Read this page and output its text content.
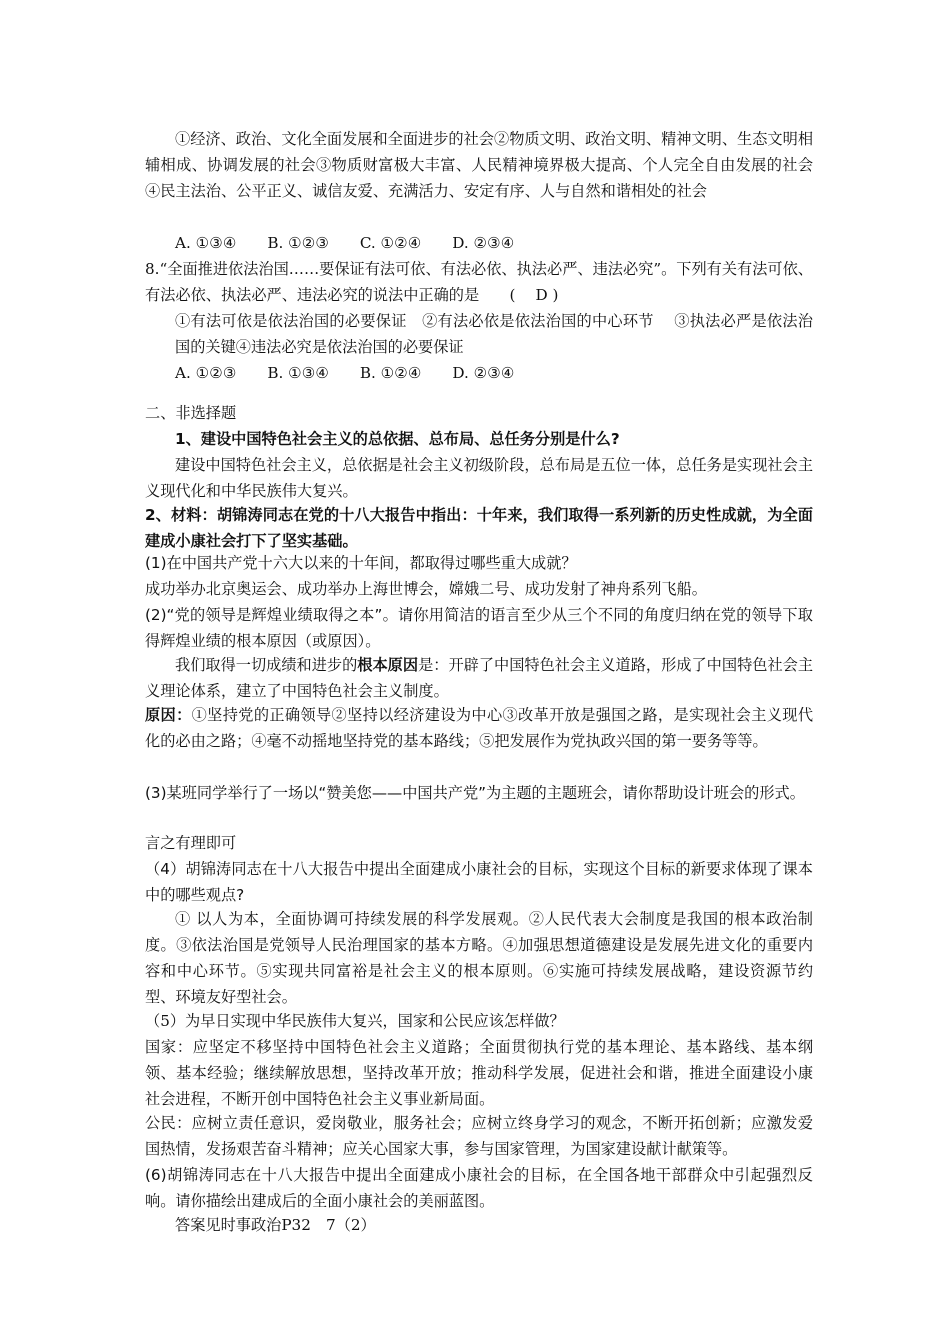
①经济、政治、文化全面发展和全面进步的社会②物质文明、政治文明、精神文明、生态文明相辅相成、协调发展的社会③物质财富极大丰富、人民精神境界极大提高、个人完全自由发展的社会④民主法治、公平正义、诚信友爱、充满活力、安定有序、人与自然和谐相处的社会

A. ①③④ B. ①②③ C. ①②④ D. ②③④

8.“全面推进依法治国……要保证有法可依、有法必依、执法必严、违法必究”。下列有关有法可依、有法必依、执法必严、违法必究的说法中正确的是　　(　 D )

①有法可依是依法治国的必要保证　②有法必依是依法治国的中心环节　 ③执法必严是依法治国的关键④违法必究是依法治国的必要保证

A. ①②③ B. ①③④ B. ①②④ D. ②③④

二、非选择题

1、建设中国特色社会主义的总依据、总布局、总任务分别是什么?

建设中国特色社会主义，总依据是社会主义初级阶段，总布局是五位一体，总任务是实现社会主义现代化和中华民族伟大复兴。

2、材料：胡锦涛同志在党的十八大报告中指出：十年来，我们取得一系列新的历史性成就，为全面建成小康社会打下了坚实基础。

(1)在中国共产党十六大以来的十年间，都取得过哪些重大成就？

成功举办北京奥运会、成功举办上海世博会，嫦娥二号、成功发射了神舟系列飞船。

(2)“党的领导是辉煌业绩取得之本”。请你用简洁的语言至少从三个不同的角度归纳在党的领导下取得辉煌业绩的根本原因（或原因）。

我们取得一切成绩和进步的根本原因是：开辟了中国特色社会主义道路，形成了中国特色社会主义理论体系，建立了中国特色社会主义制度。

原因：①坚持党的正确领导②坚持以经济建设为中心③改革开放是强国之路，是实现社会主义现代化的必由之路；④毫不动摇地坚持党的基本路线；⑤把发展作为党执政兴国的第一要务等等。

(3)某班同学举行了一场以“赞美您——中国共产党”为主题的主题班会，请你帮助设计班会的形式。

言之有理即可

（4）胡锦涛同志在十八大报告中提出全面建成小康社会的目标，实现这个目标的新要求体现了课本中的哪些观点?

① 以人为本，全面协调可持续发展的科学发展观。②人民代表大会制度是我国的根本政治制度。③依法治国是党领导人民治理国家的基本方略。④加强思想道德建设是发展先进文化的重要内容和中心环节。⑤实现共同富裕是社会主义的根本原则。⑥实施可持续发展战略，建设资源节约型、环境友好型社会。

（5）为早日实现中华民族伟大复兴，国家和公民应该怎样做？

国家：应坚定不移坚持中国特色社会主义道路；全面贯彻执行党的基本理论、基本路线、基本纲领、基本经验；继续解放思想，坚持改革开放；推动科学发展，促进社会和谐，推进全面建设小康社会进程，不断开创中国特色社会主义事业新局面。

公民：应树立责任意识，爱岗敬业，服务社会；应树立终身学习的观念，不断开拓创新；应激发爱国热情，发扬艰苦奋斗精神；应关心国家大事，参与国家管理，为国家建设献计献策等。

(6)胡锦涛同志在十八大报告中提出全面建成小康社会的目标，在全国各地干部群众中引起强烈反响。请你描绘出建成后的全面小康社会的美丽蓝图。

答案见时事政治P32　7（2）
